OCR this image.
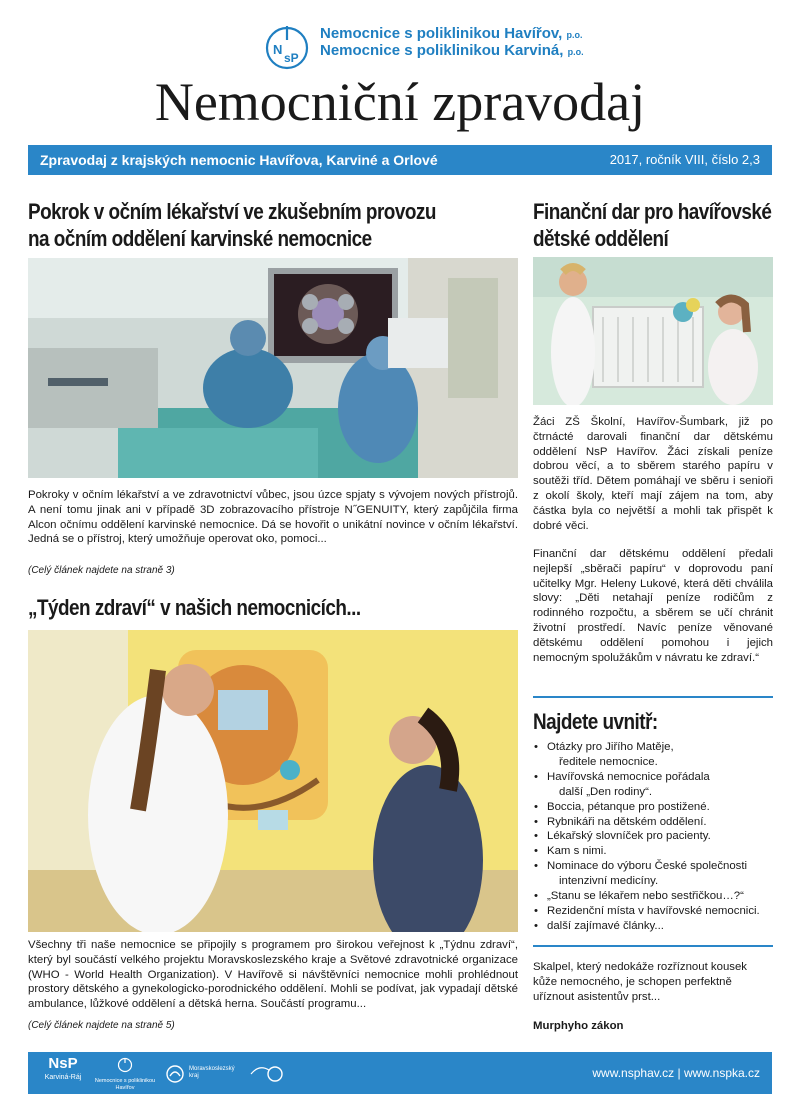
N
sP
Nemocnice s poliklinikou Havířov, p.o.
Nemocnice s poliklinikou Karviná, p.o.
Nemocniční zpravodaj
Zpravodaj z krajských nemocnic Havířova, Karviné a Orlové	2017, ročník VIII, číslo 2,3
Pokrok v očním lékařství ve zkušebním provozu
na očním oddělení karvinské nemocnice
Pokroky v očním lékařství a ve zdravotnictví vůbec, jsou úzce spjaty s vývojem nových přístrojů. A není tomu jinak ani v případě 3D zobrazovacího přístroje N˝GENUITY, který zapůjčila firma Alcon očnímu oddělení karvinské nemocnice. Dá se hovořit o unikátní novince v očním lékařství. Jedná se o přístroj, který umožňuje operovat oko, pomoci...
(Celý článek najdete na straně 3)
„Týden zdraví“ v našich nemocnicích...
Všechny tři naše nemocnice se připojily s programem pro širokou veřejnost k „Týdnu zdraví“, který byl součástí velkého projektu Moravskoslezského kraje a Světové zdravotnické organizace (WHO - World Health Organization). V Havířově si návštěvníci nemocnice mohli prohlédnout prostory dětského a gynekologicko-porodnického oddělení. Mohli se podívat, jak vypadají dětské ambulance, lůžkové oddělení a dětská herna. Součástí programu...
(Celý článek najdete na straně 5)
Finanční dar pro havířovské
dětské oddělení
Žáci ZŠ Školní, Havířov-Šumbark, již po čtrnácté darovali finanční dar dětskému oddělení NsP Havířov. Žáci získali peníze dobrou věcí, a to sběrem starého papíru v soutěži tříd. Dětem pomáhají ve sběru i senioři z okolí školy, kteří mají zájem na tom, aby částka byla co největší a mohli tak přispět k dobré věci.
Finanční dar dětskému oddělení předali nejlepší „sběrači papíru“ v doprovodu paní učitelky Mgr. Heleny Lukové, která děti chválila slovy: „Děti netahají peníze rodičům z rodinného rozpočtu, a sběrem se učí chránit životní prostředí. Navíc peníze věnované dětskému oddělení pomohou i jejich nemocným spolužákům v návratu ke zdraví.“
Najdete uvnitř:
• Otázky pro Jiřího Matěje,
ředitele nemocnice.
• Havířovská nemocnice pořádala
další „Den rodiny“.
• Boccia, pétanque pro postižené.
• Rybnikáři na dětském oddělení.
• Lékařský slovníček pro pacienty.
• Kam s nimi.
• Nominace do výboru České společnosti
intenzivní medicíny.
• „Stanu se lékařem nebo sestřičkou…?“
• Rezidenční místa v havířovské nemocnici.
• další zajímavé články...
Skalpel, který nedokáže rozříznout kousek kůže nemocného, je schopen perfektně uříznout asistentův prst...
Murphyho zákon
NsP
Karviná-Ráj	Nemocnice s poliklinikou Havířov
Moravskoslezský kraj	www.nsphav.cz | www.nspka.cz
